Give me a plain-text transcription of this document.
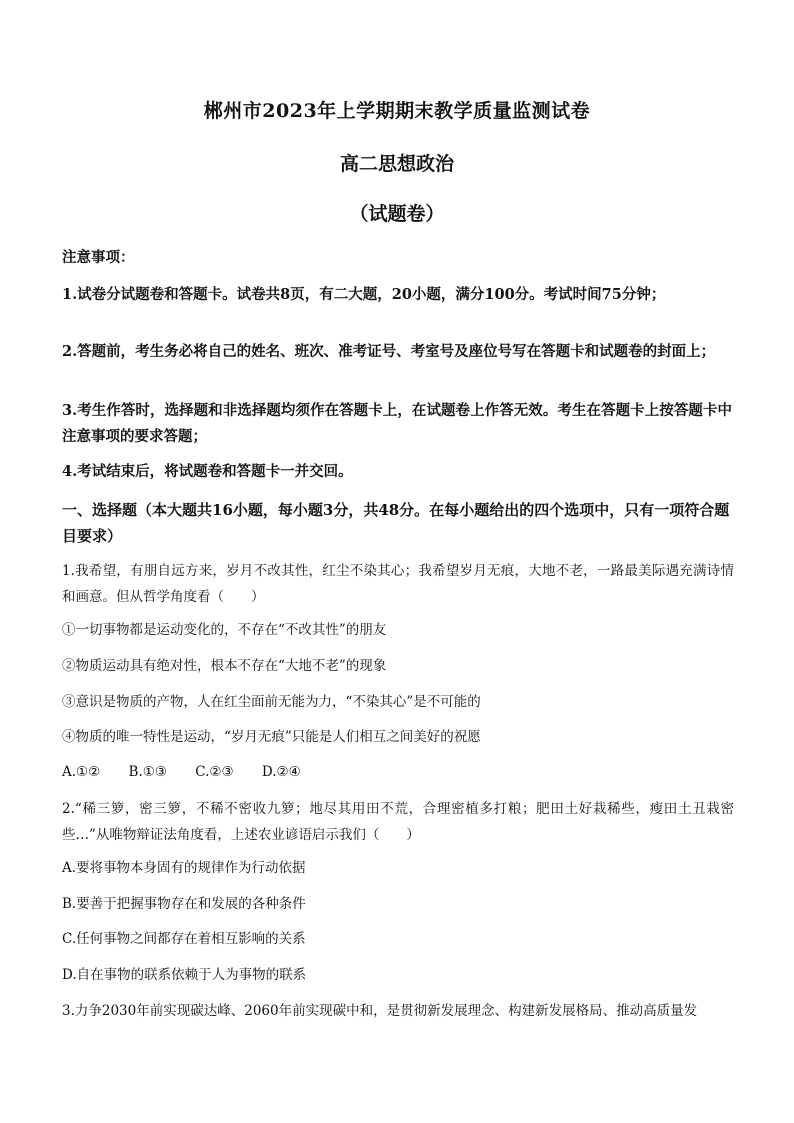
郴州市2023年上学期期末教学质量监测试卷
高二思想政治
（试题卷）
注意事项：
1.试卷分试题卷和答题卡。试卷共8页，有二大题，20小题，满分100分。考试时间75分钟；
2.答题前，考生务必将自己的姓名、班次、准考证号、考室号及座位号写在答题卡和试题卷的封面上；
3.考生作答时，选择题和非选择题均须作在答题卡上，在试题卷上作答无效。考生在答题卡上按答题卡中注意事项的要求答题；
4.考试结束后，将试题卷和答题卡一并交回。
一、选择题（本大题共16小题，每小题3分，共48分。在每小题给出的四个选项中，只有一项符合题目要求）
1.我希望，有朋自远方来，岁月不改其性，红尘不染其心；我希望岁月无痕，大地不老，一路最美际遇充满诗情和画意。但从哲学角度看（　　）
①一切事物都是运动变化的，不存在“不改其性”的朋友
②物质运动具有绝对性，根本不存在“大地不老”的现象
③意识是物质的产物，人在红尘面前无能为力，“不染其心”是不可能的
④物质的唯一特性是运动，“岁月无痕”只能是人们相互之间美好的祝愿
A.①② B.①③ C.②③ D.②④
2.“稀三箩，密三箩，不稀不密收九箩；地尽其用田不荒，合理密植多打粮；肥田土好栽稀些，瘦田土丑栽密些…”从唯物辩证法角度看，上述农业谚语启示我们（　　）
A.要将事物本身固有的规律作为行动依据
B.要善于把握事物存在和发展的各种条件
C.任何事物之间都存在着相互影响的关系
D.自在事物的联系依赖于人为事物的联系
3.力争2030年前实现碳达峰、2060年前实现碳中和，是贯彻新发展理念、构建新发展格局、推动高质量发
